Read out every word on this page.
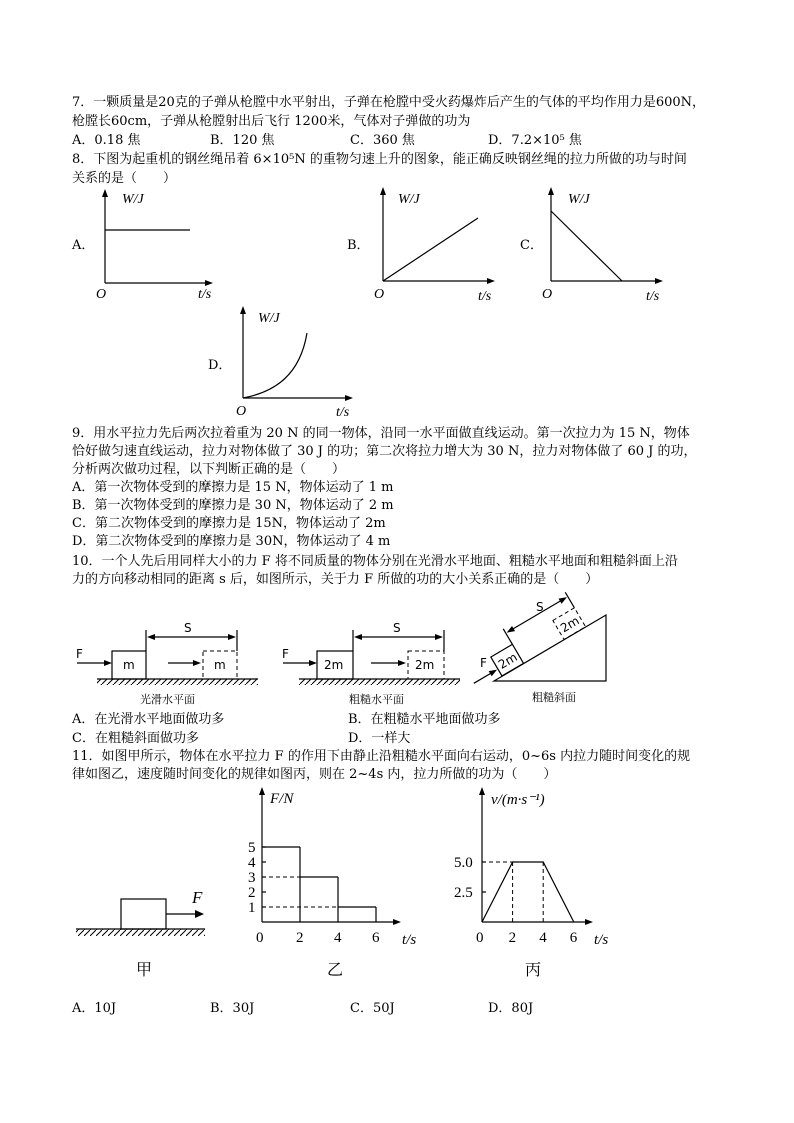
7．一颗质量是20克的子弹从枪膛中水平射出，子弹在枪膛中受火药爆炸后产生的气体的平均作用力是600N，
枪膛长60cm，子弹从枪膛射出后飞行 1200米，气体对子弹做的功为
A．0.18 焦	B．120 焦	C．360 焦	D．7.2×10⁵ 焦
8．下图为起重机的钢丝绳吊着 6×10⁵N 的重物匀速上升的图象，能正确反映钢丝绳的拉力所做的功与时间
关系的是（　　）
A．	B．	C．
D．
W/J
O	t/s
W/J
O	t/s
W/J
O	t/s
W/J
O	t/s
9．用水平拉力先后两次拉着重为 20 N 的同一物体，沿同一水平面做直线运动。第一次拉力为 15 N，物体
恰好做匀速直线运动，拉力对物体做了 30 J 的功；第二次将拉力增大为 30 N，拉力对物体做了 60 J 的功，
分析两次做功过程，以下判断正确的是（　　）
A．第一次物体受到的摩擦力是 15 N，物体运动了 1 m
B．第一次物体受到的摩擦力是 30 N，物体运动了 2 m
C．第二次物体受到的摩擦力是 15N，物体运动了 2m
D．第二次物体受到的摩擦力是 30N，物体运动了 4 m
10．一个人先后用同样大小的力 F 将不同质量的物体分别在光滑水平地面、粗糙水平地面和粗糙斜面上沿
力的方向移动相同的距离 s 后，如图所示，关于力 F 所做的功的大小关系正确的是（　　）
F
m	m
S
光滑水平面
F
2m	2m
S
粗糙水平面
2m
2m
S
F
粗糙斜面
A．在光滑水平地面做功多	B．在粗糙水平地面做功多
C．在粗糙斜面做功多	D．一样大
11．如图甲所示，物体在水平拉力 F 的作用下由静止沿粗糙水平面向右运动，0~6s 内拉力随时间变化的规
律如图乙，速度随时间变化的规律如图丙，则在 2~4s 内，拉力所做的功为（　　）
F
甲
F/N
t/s
0
乙
1
2
3
4
5
2 4 6
v/(m·s⁻¹)
t/s
0
丙
2.5
5.0
2 4 6
A．10J	B．30J	C．50J	D．80J
